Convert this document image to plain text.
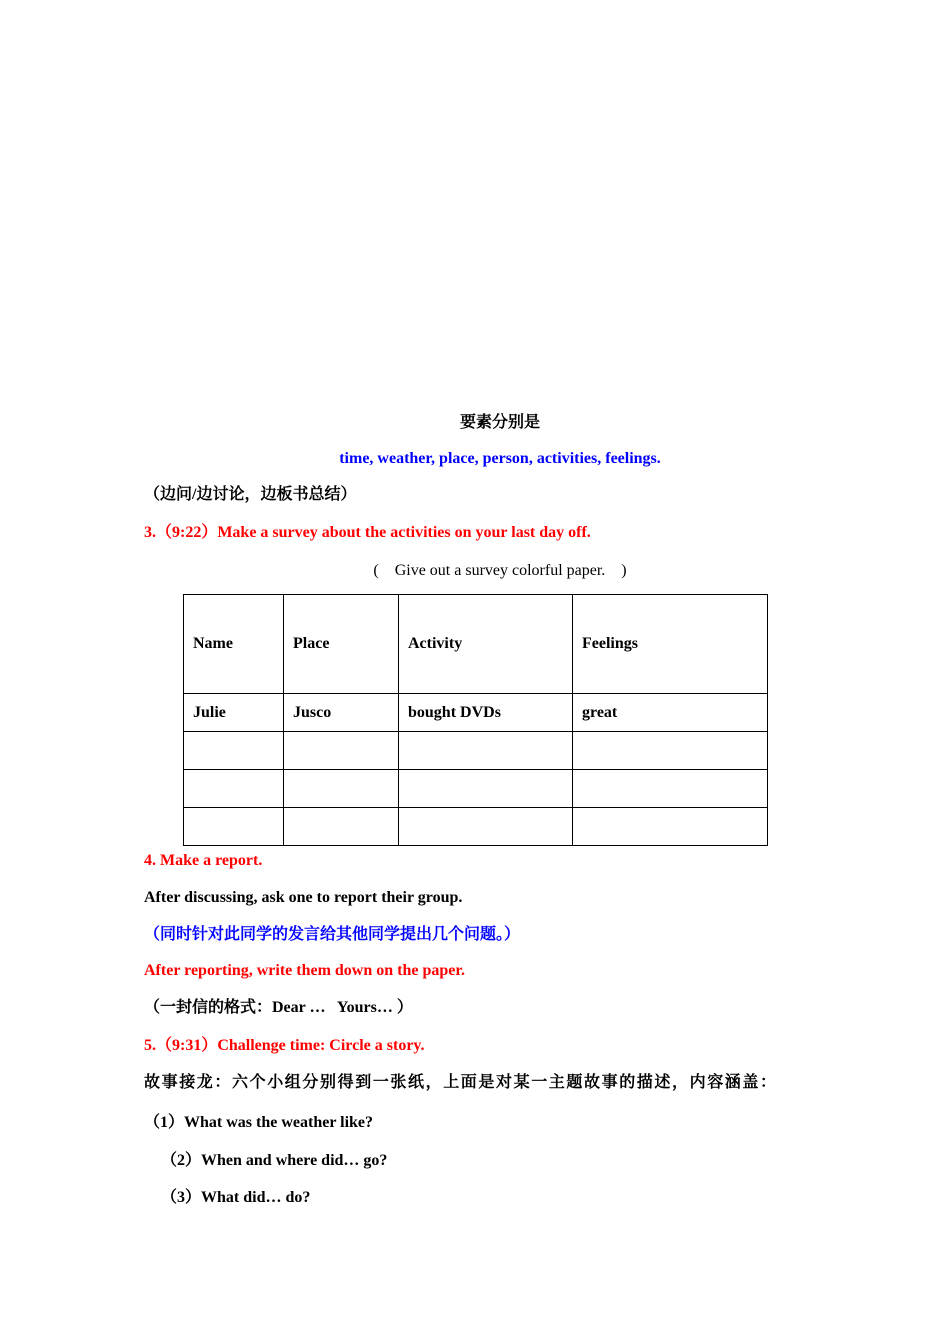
要素分别是
time, weather, place, person, activities, feelings.
（边问/边讨论，边板书总结）
3.（9:22）Make a survey about the activities on your last day off.
(    Give out a survey colorful paper.    )
Name	Place	Activity	Feelings
Julie	Jusco	bought DVDs	great

4. Make a report.
After discussing, ask one to report their group.
（同时针对此同学的发言给其他同学提出几个问题。）
After reporting, write them down on the paper.
（一封信的格式：Dear …   Yours… ）
5.（9:31）Challenge time: Circle a story.
故事接龙：六个小组分别得到一张纸，上面是对某一主题故事的描述，内容涵盖：
（1）What was the weather like?
（2）When and where did… go?
（3）What did… do?
